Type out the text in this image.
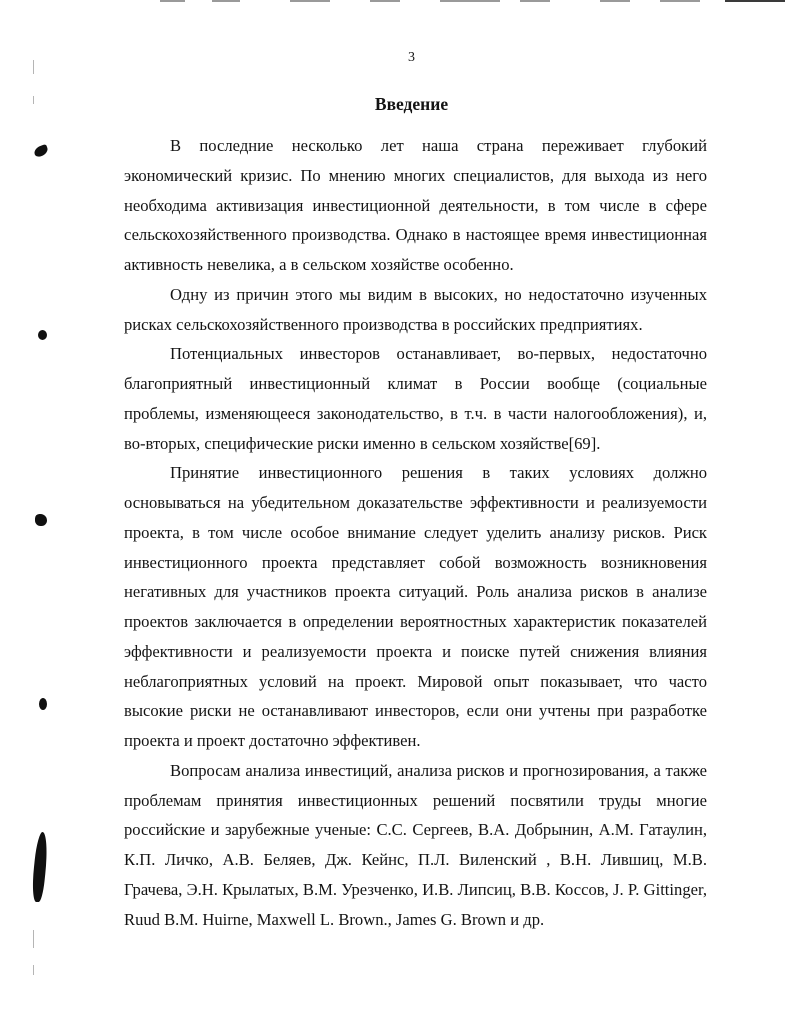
3
Введение

В последние несколько лет наша страна переживает глубокий экономический кризис. По мнению многих специалистов, для выхода из него необходима активизация инвестиционной деятельности, в том числе в сфере сельскохозяйственного производства. Однако в настоящее время инвестиционная активность невелика, а в сельском хозяйстве особенно.

Одну из причин этого мы видим в высоких, но недостаточно изученных рисках сельскохозяйственного производства в российских предприятиях.

Потенциальных инвесторов останавливает, во-первых, недостаточно благоприятный инвестиционный климат в России вообще (социальные проблемы, изменяющееся законодательство, в т.ч. в части налогообложения), и, во-вторых, специфические риски именно в сельском хозяйстве[69].

Принятие инвестиционного решения в таких условиях должно основываться на убедительном доказательстве эффективности и реализуемости проекта, в том числе особое внимание следует уделить анализу рисков. Риск инвестиционного проекта представляет собой возможность возникновения негативных для участников проекта ситуаций. Роль анализа рисков в анализе проектов заключается в определении вероятностных характеристик показателей эффективности и реализуемости проекта и поиске путей снижения влияния неблагоприятных условий на проект. Мировой опыт показывает, что часто высокие риски не останавливают инвесторов, если они учтены при разработке проекта и проект достаточно эффективен.

Вопросам анализа инвестиций, анализа рисков и прогнозирования, а также проблемам принятия инвестиционных решений посвятили труды многие российские и зарубежные ученые: С.С. Сергеев, В.А. Добрынин, А.М. Гатаулин, К.П. Личко, А.В. Беляев, Дж. Кейнс, П.Л. Виленский , В.Н. Лившиц, М.В. Грачева, Э.Н. Крылатых, В.М. Урезченко, И.В. Липсиц, В.В. Коссов, J. P. Gittinger, Ruud B.M. Huirne, Maxwell L. Brown., James G. Brown и др.
